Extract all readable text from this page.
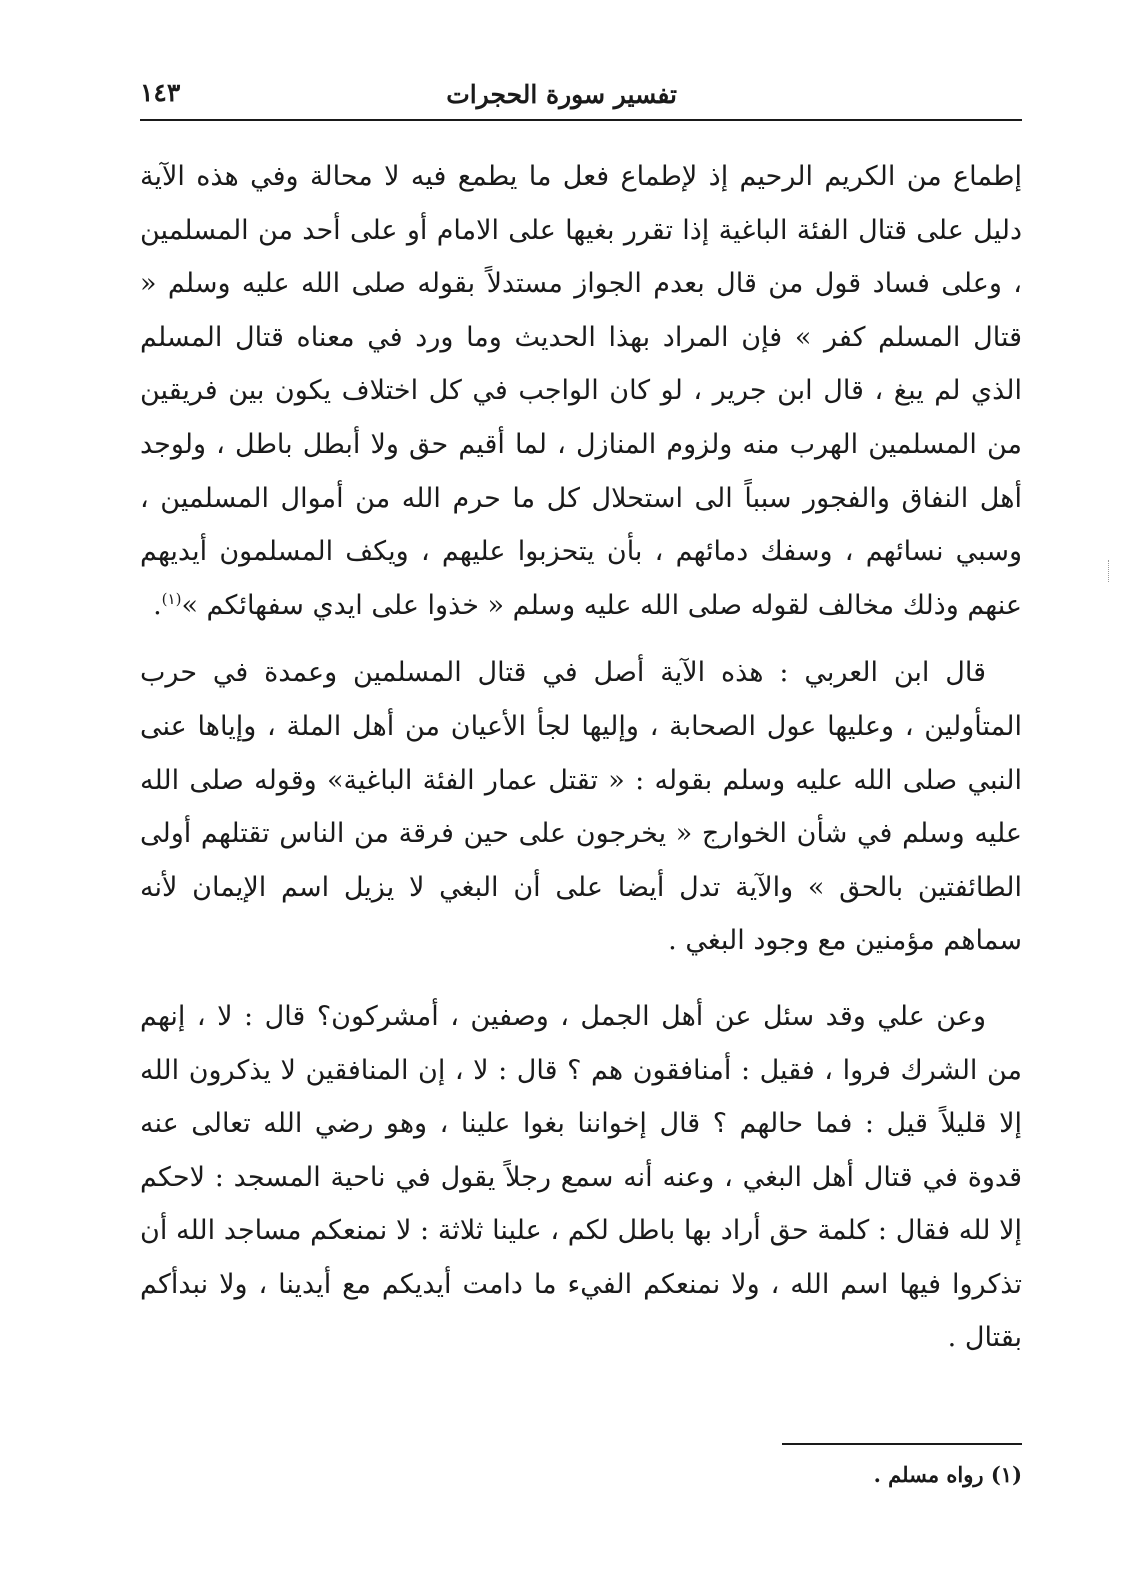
تفسير سورة الحجرات
١٤٣

إطماع من الكريم الرحيم إذ لإطماع فعل ما يطمع فيه لا محالة وفي هذه الآية دليل على قتال الفئة الباغية إذا تقرر بغيها على الامام أو على أحد من المسلمين ، وعلى فساد قول من قال بعدم الجواز مستدلاً بقوله صلى الله عليه وسلم « قتال المسلم كفر » فإن المراد بهذا الحديث وما ورد في معناه قتال المسلم الذي لم يبغ ، قال ابن جرير ، لو كان الواجب في كل اختلاف يكون بين فريقين من المسلمين الهرب منه ولزوم المنازل ، لما أقيم حق ولا أبطل باطل ، ولوجد أهل النفاق والفجور سبباً الى استحلال كل ما حرم الله من أموال المسلمين ، وسبي نسائهم ، وسفك دمائهم ، بأن يتحزبوا عليهم ، ويكف المسلمون أيديهم عنهم وذلك مخالف لقوله صلى الله عليه وسلم « خذوا على ايدي سفهائكم »$^{(١)}$.

قال ابن العربي : هذه الآية أصل في قتال المسلمين وعمدة في حرب المتأولين ، وعليها عول الصحابة ، وإليها لجأ الأعيان من أهل الملة ، وإياها عنى النبي صلى الله عليه وسلم بقوله : « تقتل عمار الفئة الباغية» وقوله صلى الله عليه وسلم في شأن الخوارج « يخرجون على حين فرقة من الناس تقتلهم أولى الطائفتين بالحق » والآية تدل أيضا على أن البغي لا يزيل اسم الإيمان لأنه سماهم مؤمنين مع وجود البغي .

وعن علي وقد سئل عن أهل الجمل ، وصفين ، أمشركون؟ قال : لا ، إنهم من الشرك فروا ، فقيل : أمنافقون هم ؟ قال : لا ، إن المنافقين لا يذكرون الله إلا قليلاً قيل : فما حالهم ؟ قال إخواننا بغوا علينا ، وهو رضي الله تعالى عنه قدوة في قتال أهل البغي ، وعنه أنه سمع رجلاً يقول في ناحية المسجد : لاحكم إلا لله فقال : كلمة حق أراد بها باطل لكم ، علينا ثلاثة : لا نمنعكم مساجد الله أن تذكروا فيها اسم الله ، ولا نمنعكم الفيء ما دامت أيديكم مع أيدينا ، ولا نبدأكم بقتال .

(١) رواه مسلم .
